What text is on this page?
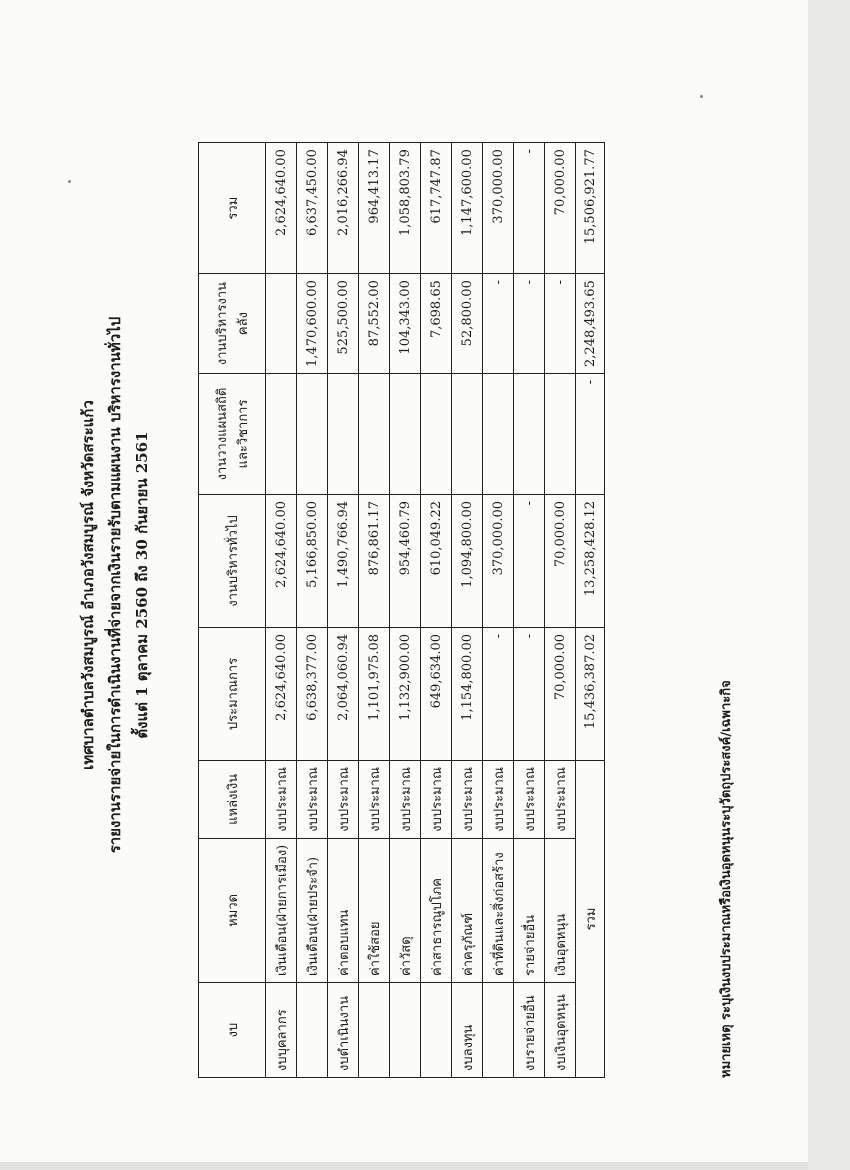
เทศบาลตำบลวังสมบูรณ์ อำเภอวังสมบูรณ์ จังหวัดสระแก้ว รายงานรายจ่ายในการดำเนินงานที่จ่ายจากเงินรายรับตามแผนงาน บริหารงานทั่วไป ตั้งแต่ 1 ตุลาคม 2560 ถึง 30 กันยายน 2561
งบ	หมวด	แหล่งเงิน	ประมาณการ	งานบริหารทั่วไป	งานวางแผนสถิติและวิชาการ	งานบริหารงานคลัง	รวม
งบบุคลากร	เงินเดือน(ฝ่ายการเมือง)	งบประมาณ	2,624,640.00	2,624,640.00			2,624,640.00
	เงินเดือน(ฝ่ายประจำ)	งบประมาณ	6,638,377.00	5,166,850.00		1,470,600.00	6,637,450.00
งบดำเนินงาน	ค่าตอบแทน	งบประมาณ	2,064,060.94	1,490,766.94		525,500.00	2,016,266.94
	ค่าใช้สอย	งบประมาณ	1,101,975.08	876,861.17		87,552.00	964,413.17
	ค่าวัสดุ	งบประมาณ	1,132,900.00	954,460.79		104,343.00	1,058,803.79
	ค่าสาธารณูปโภค	งบประมาณ	649,634.00	610,049.22		7,698.65	617,747.87
งบลงทุน	ค่าครุภัณฑ์	งบประมาณ	1,154,800.00	1,094,800.00		52,800.00	1,147,600.00
	ค่าที่ดินและสิ่งก่อสร้าง	งบประมาณ	-	370,000.00		-	370,000.00
งบรายจ่ายอื่น	รายจ่ายอื่น	งบประมาณ	-	-		-	-
งบเงินอุดหนุน	เงินอุดหนุน	งบประมาณ	70,000.00	70,000.00		-	70,000.00
รวม			15,436,387.02	13,258,428.12	-	2,248,493.65	15,506,921.77
หมายเหตุ ระบุเงินงบประมาณหรือเงินอุดหนุนระบุวัตถุประสงค์/เฉพาะกิจ
